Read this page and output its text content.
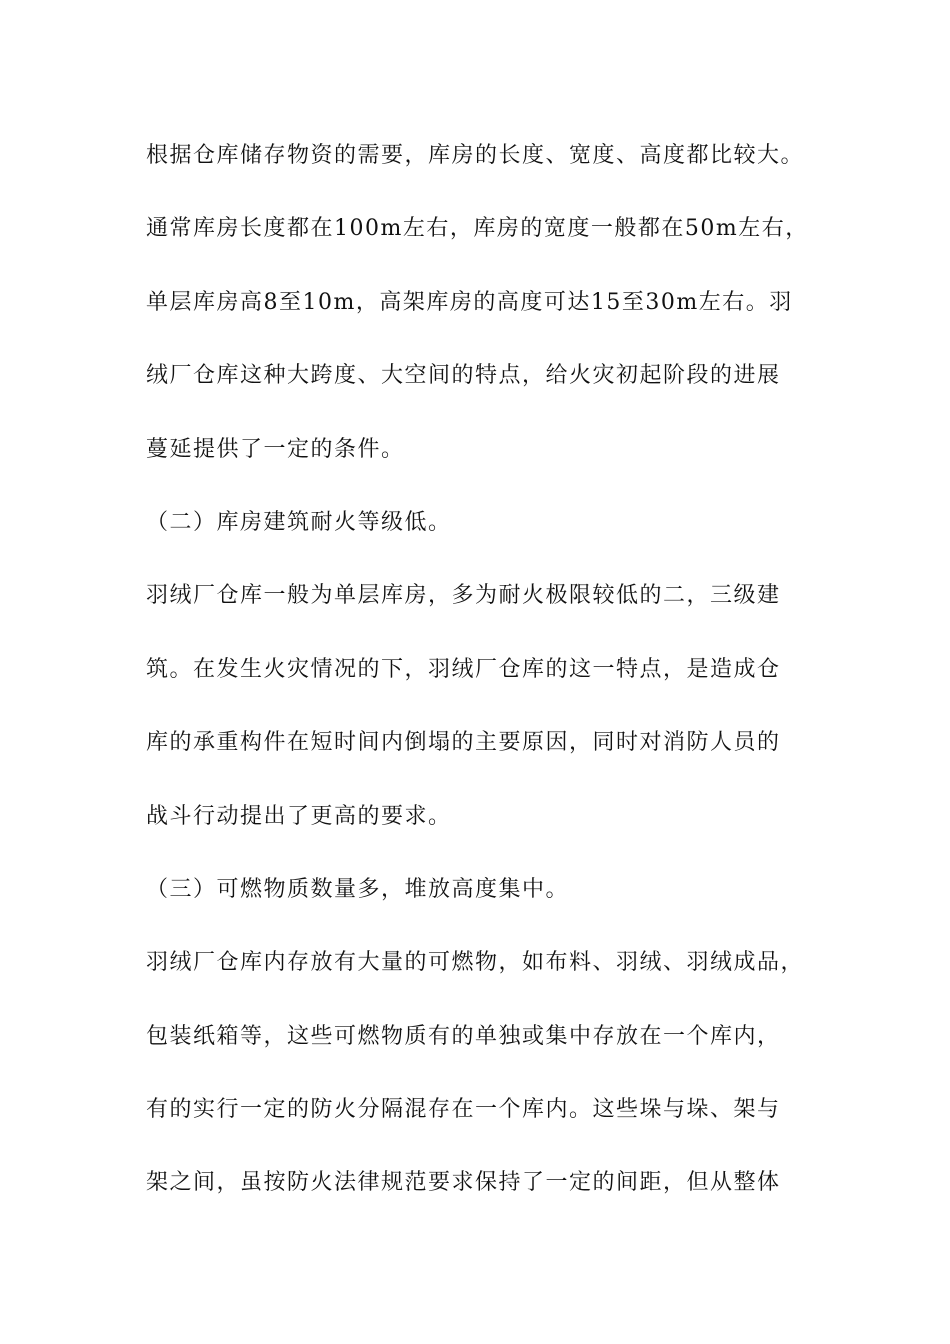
根据仓库储存物资的需要，库房的长度、宽度、高度都比较大。
通常库房长度都在100m左右，库房的宽度一般都在50m左右，
单层库房高8至10m，高架库房的高度可达15至30m左右。羽
绒厂仓库这种大跨度、大空间的特点，给火灾初起阶段的进展
蔓延提供了一定的条件。
（二）库房建筑耐火等级低。
羽绒厂仓库一般为单层库房，多为耐火极限较低的二，三级建
筑。在发生火灾情况的下，羽绒厂仓库的这一特点，是造成仓
库的承重构件在短时间内倒塌的主要原因，同时对消防人员的
战斗行动提出了更高的要求。
（三）可燃物质数量多，堆放高度集中。
羽绒厂仓库内存放有大量的可燃物，如布料、羽绒、羽绒成品，
包装纸箱等，这些可燃物质有的单独或集中存放在一个库内，
有的实行一定的防火分隔混存在一个库内。这些垛与垛、架与
架之间，虽按防火法律规范要求保持了一定的间距，但从整体
